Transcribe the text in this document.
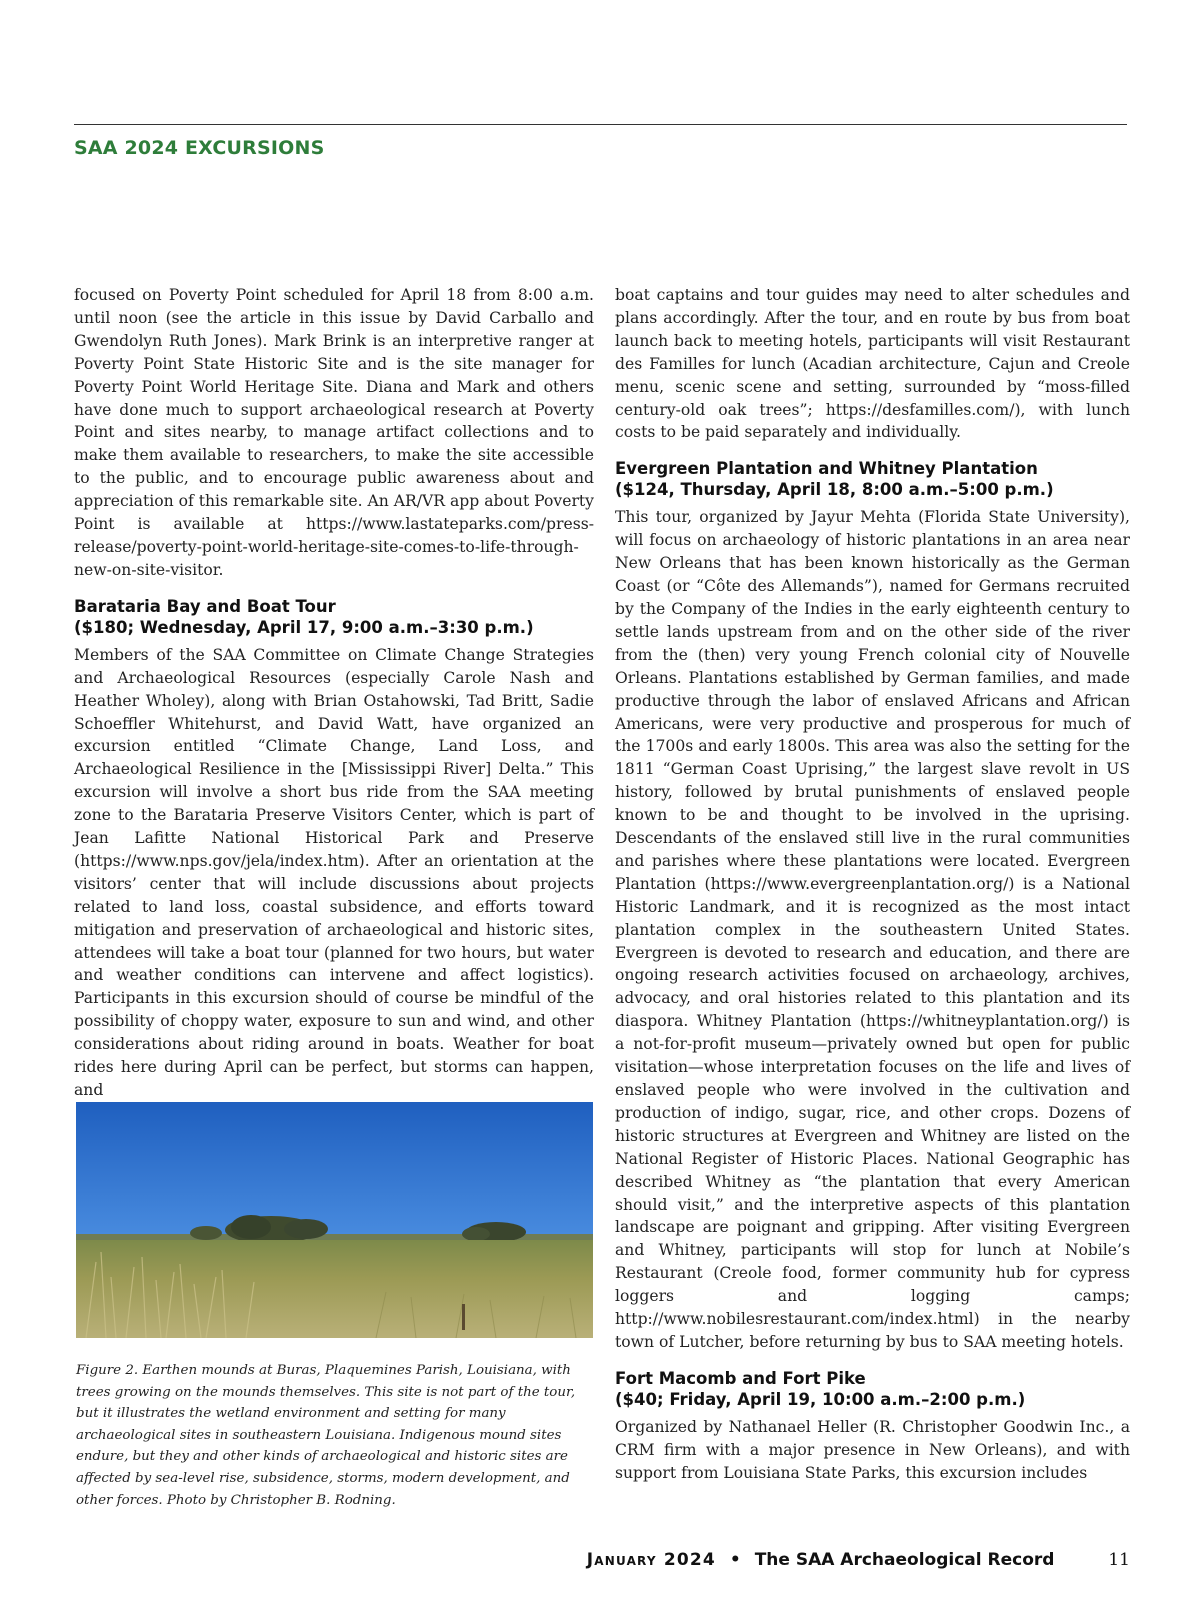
SAA 2024 EXCURSIONS

focused on Poverty Point scheduled for April 18 from 8:00 a.m. until noon (see the article in this issue by David Carballo and Gwendolyn Ruth Jones). Mark Brink is an interpretive ranger at Poverty Point State Historic Site and is the site manager for Poverty Point World Heritage Site. Diana and Mark and others have done much to support archaeological research at Poverty Point and sites nearby, to manage artifact collections and to make them available to researchers, to make the site accessible to the public, and to encourage public awareness about and appreciation of this remarkable site. An AR/VR app about Poverty Point is available at https://www.lastateparks.com/press-release/poverty-point-world-heritage-site-comes-to-life-through-new-on-site-visitor.

Barataria Bay and Boat Tour
($180; Wednesday, April 17, 9:00 a.m.–3:30 p.m.)

Members of the SAA Committee on Climate Change Strategies and Archaeological Resources (especially Carole Nash and Heather Wholey), along with Brian Ostahowski, Tad Britt, Sadie Schoeffler Whitehurst, and David Watt, have organized an excursion entitled “Climate Change, Land Loss, and Archaeological Resilience in the [Mississippi River] Delta.” This excursion will involve a short bus ride from the SAA meeting zone to the Barataria Preserve Visitors Center, which is part of Jean Lafitte National Historical Park and Preserve (https://www.nps.gov/jela/index.htm). After an orientation at the visitors’ center that will include discussions about projects related to land loss, coastal subsidence, and efforts toward mitigation and preservation of archaeological and historic sites, attendees will take a boat tour (planned for two hours, but water and weather conditions can intervene and affect logistics). Participants in this excursion should of course be mindful of the possibility of choppy water, exposure to sun and wind, and other considerations about riding around in boats. Weather for boat rides here during April can be perfect, but storms can happen, and

Figure 2. Earthen mounds at Buras, Plaquemines Parish, Louisiana, with trees growing on the mounds themselves. This site is not part of the tour, but it illustrates the wetland environment and setting for many archaeological sites in southeastern Louisiana. Indigenous mound sites endure, but they and other kinds of archaeological and historic sites are affected by sea-level rise, subsidence, storms, modern development, and other forces. Photo by Christopher B. Rodning.

boat captains and tour guides may need to alter schedules and plans accordingly. After the tour, and en route by bus from boat launch back to meeting hotels, participants will visit Restaurant des Familles for lunch (Acadian architecture, Cajun and Creole menu, scenic scene and setting, surrounded by “moss-filled century-old oak trees”; https://desfamilles.com/), with lunch costs to be paid separately and individually.

Evergreen Plantation and Whitney Plantation
($124, Thursday, April 18, 8:00 a.m.–5:00 p.m.)

This tour, organized by Jayur Mehta (Florida State University), will focus on archaeology of historic plantations in an area near New Orleans that has been known historically as the German Coast (or “Côte des Allemands”), named for Germans recruited by the Company of the Indies in the early eighteenth century to settle lands upstream from and on the other side of the river from the (then) very young French colonial city of Nouvelle Orleans. Plantations established by German families, and made productive through the labor of enslaved Africans and African Americans, were very productive and prosperous for much of the 1700s and early 1800s. This area was also the setting for the 1811 “German Coast Uprising,” the largest slave revolt in US history, followed by brutal punishments of enslaved people known to be and thought to be involved in the uprising. Descendants of the enslaved still live in the rural communities and parishes where these plantations were located. Evergreen Plantation (https://www.evergreenplantation.org/) is a National Historic Landmark, and it is recognized as the most intact plantation complex in the southeastern United States. Evergreen is devoted to research and education, and there are ongoing research activities focused on archaeology, archives, advocacy, and oral histories related to this plantation and its diaspora. Whitney Plantation (https://whitneyplantation.org/) is a not-for-profit museum—privately owned but open for public visitation—whose interpretation focuses on the life and lives of enslaved people who were involved in the cultivation and production of indigo, sugar, rice, and other crops. Dozens of historic structures at Evergreen and Whitney are listed on the National Register of Historic Places. National Geographic has described Whitney as “the plantation that every American should visit,” and the interpretive aspects of this plantation landscape are poignant and gripping. After visiting Evergreen and Whitney, participants will stop for lunch at Nobile’s Restaurant (Creole food, former community hub for cypress loggers and logging camps; http://www.nobilesrestaurant.com/index.html) in the nearby town of Lutcher, before returning by bus to SAA meeting hotels.

Fort Macomb and Fort Pike
($40; Friday, April 19, 10:00 a.m.–2:00 p.m.)

Organized by Nathanael Heller (R. Christopher Goodwin Inc., a CRM firm with a major presence in New Orleans), and with support from Louisiana State Parks, this excursion includes

January 2024 • The SAA Archaeological Record	11
